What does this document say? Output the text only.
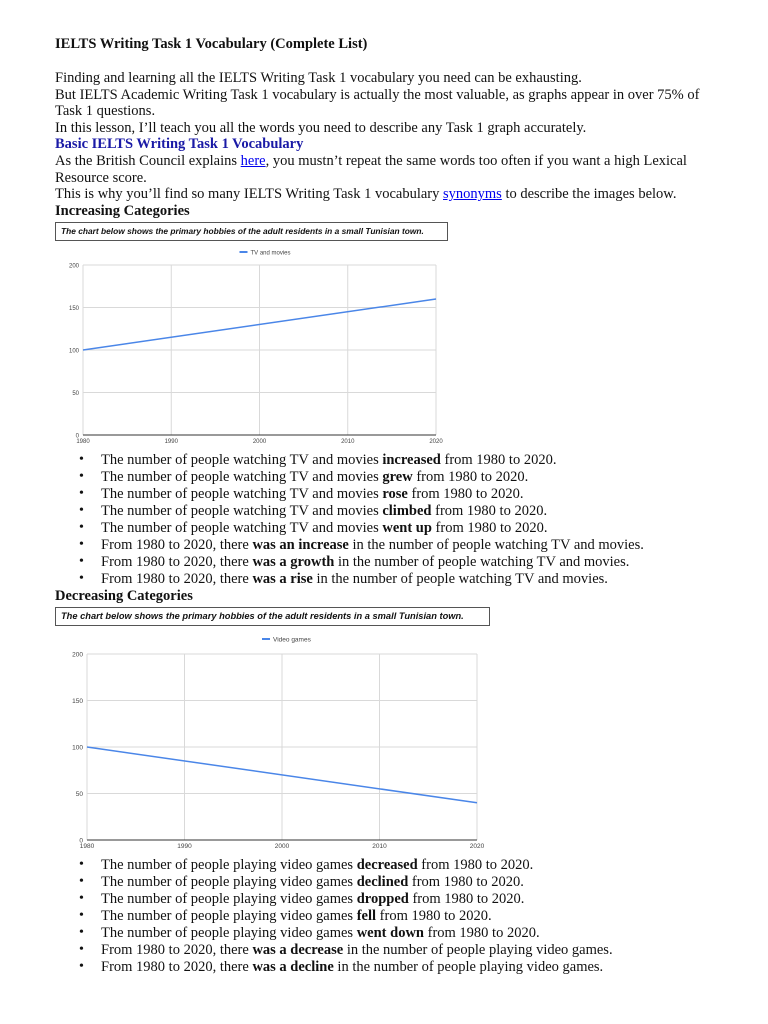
IELTS Writing Task 1 Vocabulary (Complete List)

Finding and learning all the IELTS Writing Task 1 vocabulary you need can be exhausting.

But IELTS Academic Writing Task 1 vocabulary is actually the most valuable, as graphs appear in over 75% of Task 1 questions.

In this lesson, I’ll teach you all the words you need to describe any Task 1 graph accurately.

Basic IELTS Writing Task 1 Vocabulary

As the British Council explains here, you mustn’t repeat the same words too often if you want a high Lexical Resource score.

This is why you’ll find so many IELTS Writing Task 1 vocabulary synonyms to describe the images below.

Increasing Categories

The chart below shows the primary hobbies of the adult residents in a small Tunisian town.
TV and movies
0
50
100
150
200
1980	1990	2000	2010	2020
• The number of people watching TV and movies increased from 1980 to 2020.
• The number of people watching TV and movies grew from 1980 to 2020.
• The number of people watching TV and movies rose from 1980 to 2020.
• The number of people watching TV and movies climbed from 1980 to 2020.
• The number of people watching TV and movies went up from 1980 to 2020.
• From 1980 to 2020, there was an increase in the number of people watching TV and movies.
• From 1980 to 2020, there was a growth in the number of people watching TV and movies.
• From 1980 to 2020, there was a rise in the number of people watching TV and movies.

Decreasing Categories

The chart below shows the primary hobbies of the adult residents in a small Tunisian town.
Video games
0
50
100
150
200
1980	1990	2000	2010	2020
• The number of people playing video games decreased from 1980 to 2020.
• The number of people playing video games declined from 1980 to 2020.
• The number of people playing video games dropped from 1980 to 2020.
• The number of people playing video games fell from 1980 to 2020.
• The number of people playing video games went down from 1980 to 2020.
• From 1980 to 2020, there was a decrease in the number of people playing video games.
• From 1980 to 2020, there was a decline in the number of people playing video games.
